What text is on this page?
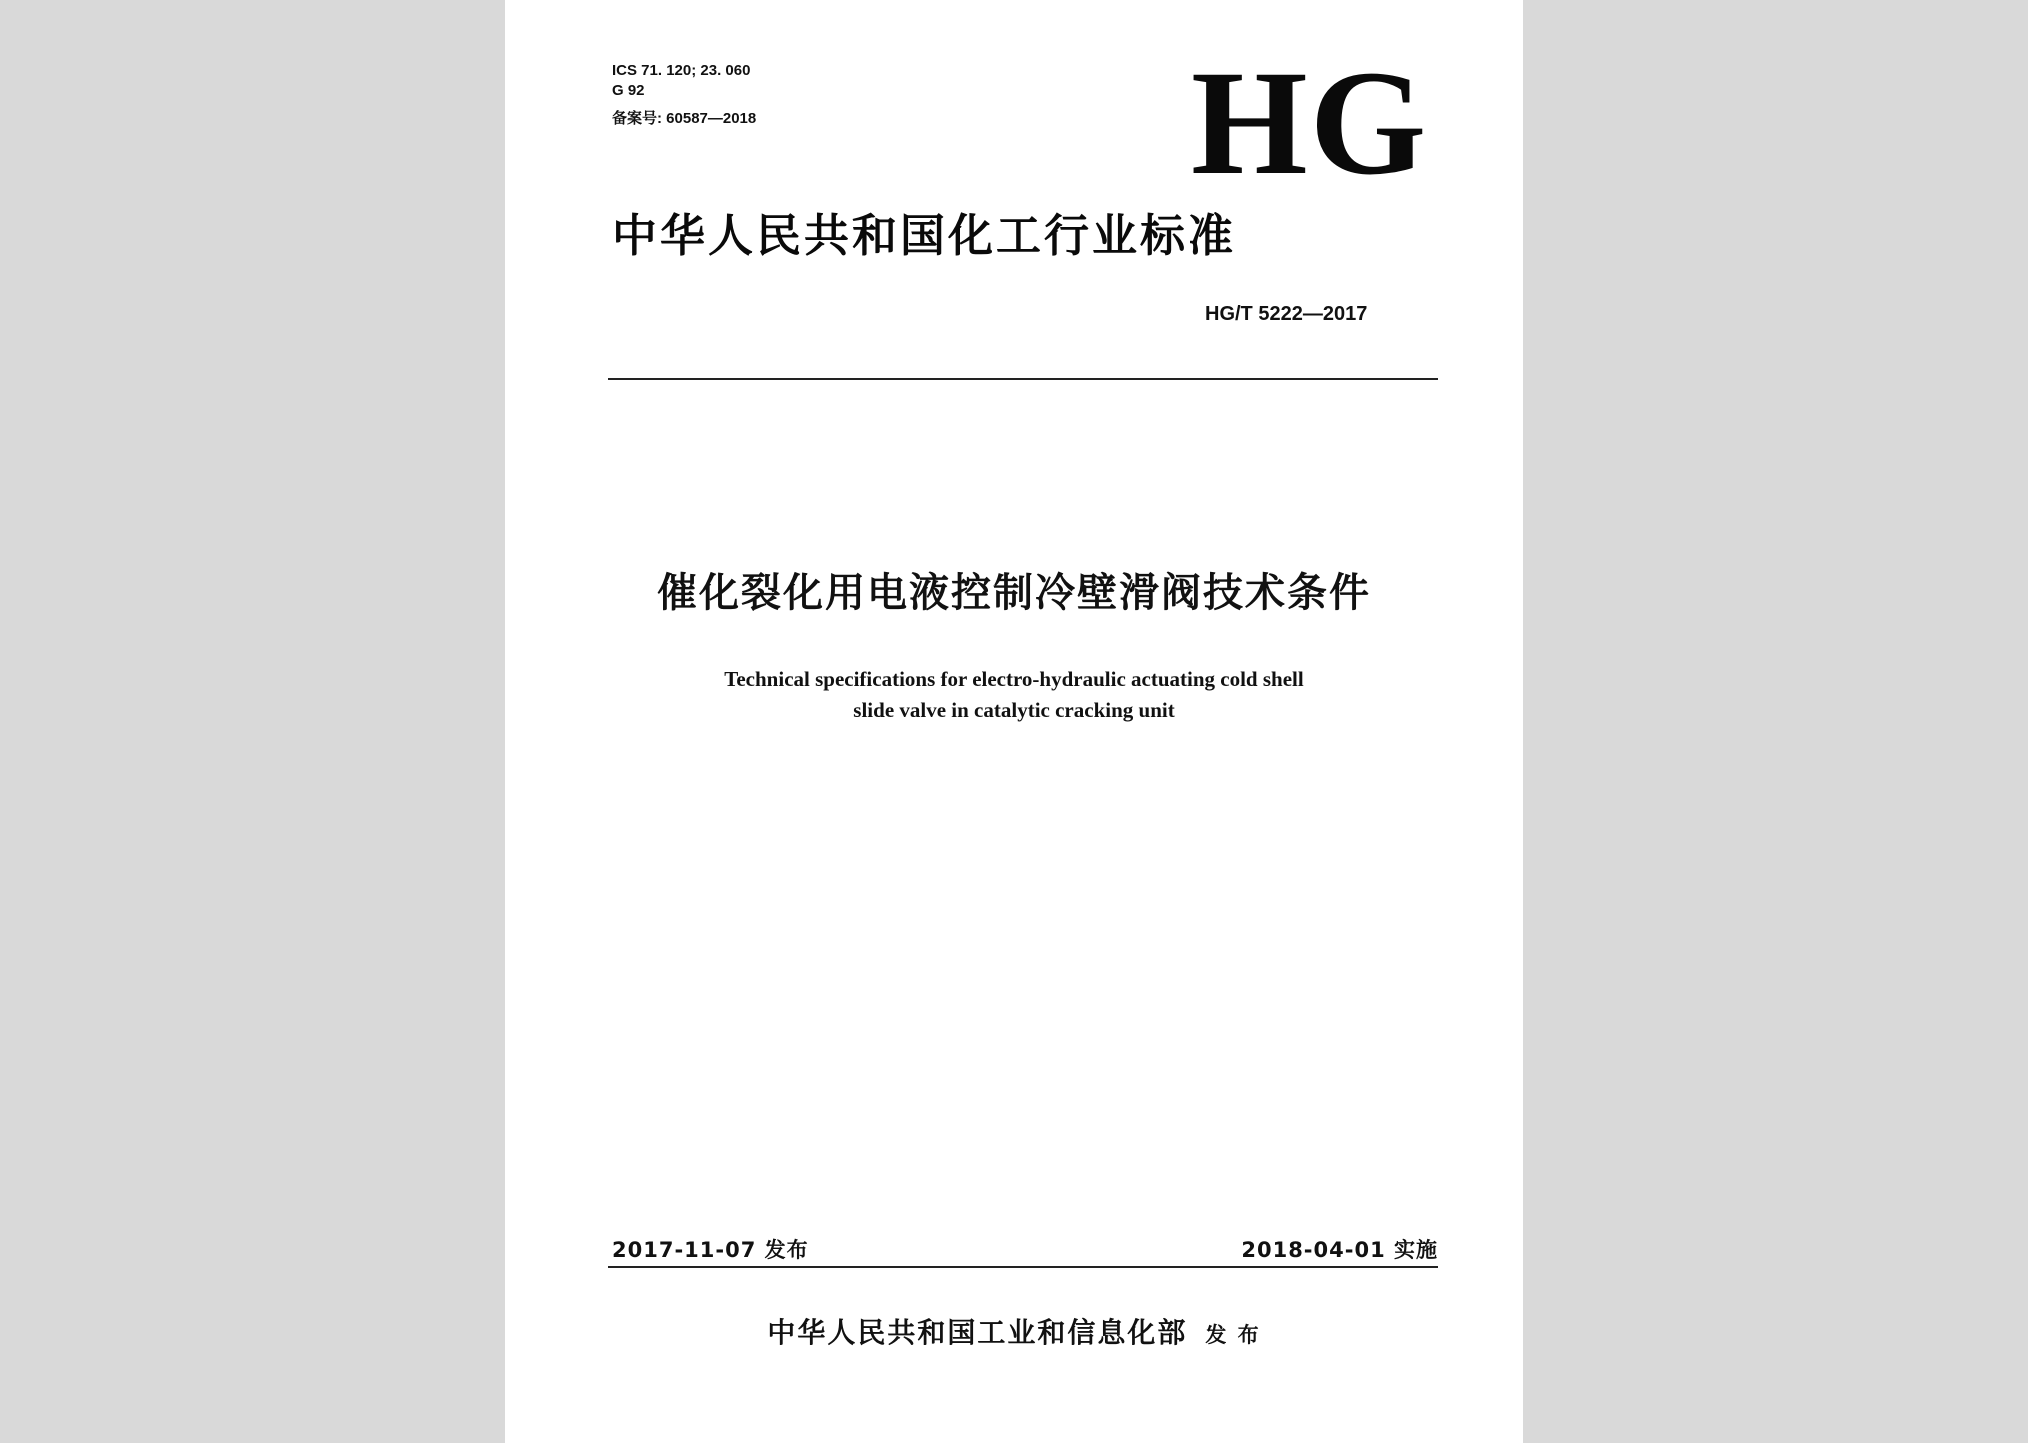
ICS 71. 120; 23. 060
G 92
备案号: 60587—2018	HG
中华人民共和国化工行业标准
HG/T 5222—2017
催化裂化用电液控制冷壁滑阀技术条件
Technical specifications for electro-hydraulic actuating cold shell
slide valve in catalytic cracking unit
2017-11-07 发布	2018-04-01 实施
中华人民共和国工业和信息化部 发 布
